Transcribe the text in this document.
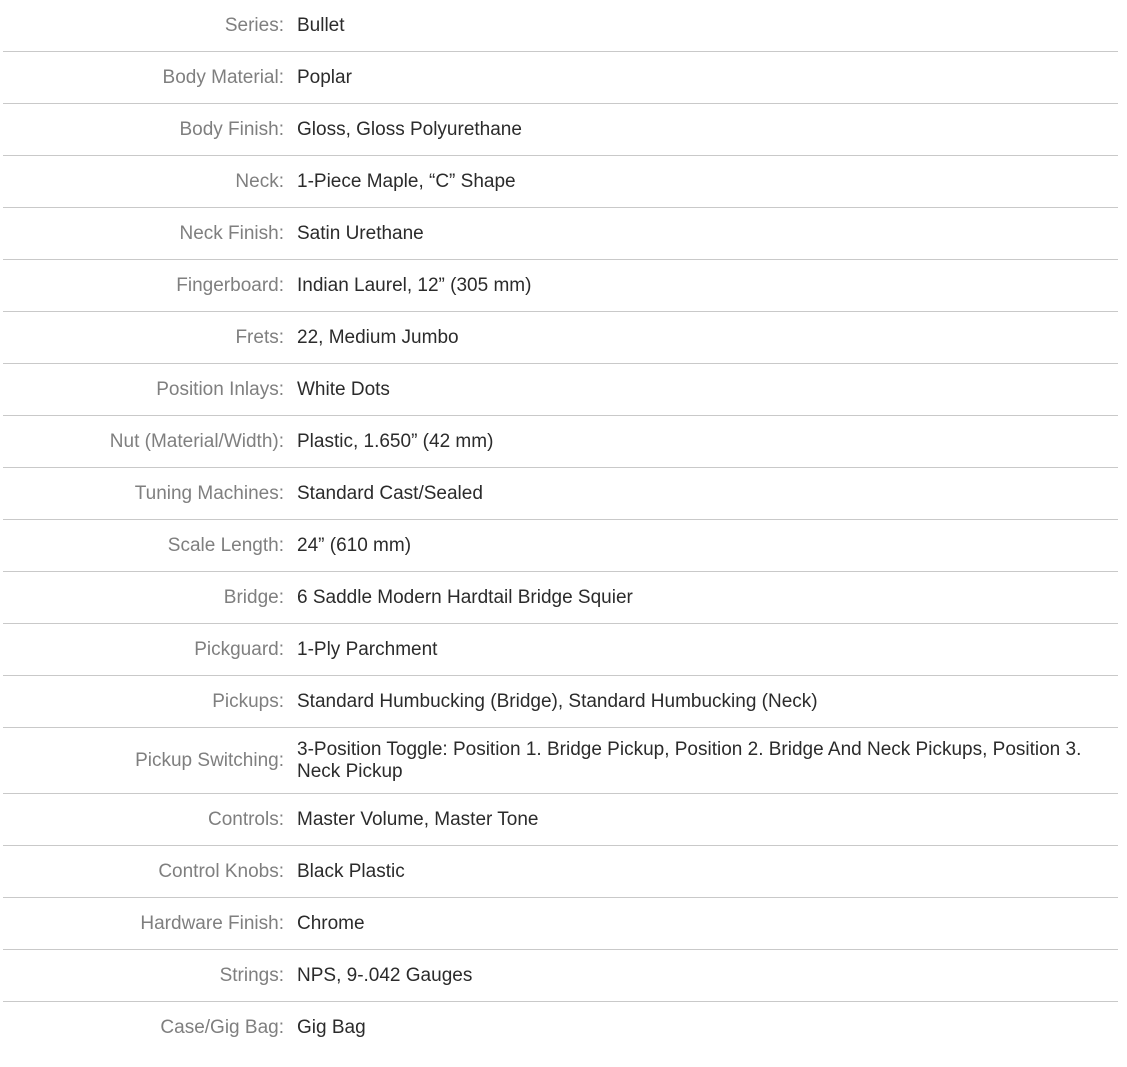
Series: Bullet
Body Material: Poplar
Body Finish: Gloss, Gloss Polyurethane
Neck: 1-Piece Maple, “C” Shape
Neck Finish: Satin Urethane
Fingerboard: Indian Laurel, 12” (305 mm)
Frets: 22, Medium Jumbo
Position Inlays: White Dots
Nut (Material/Width): Plastic, 1.650” (42 mm)
Tuning Machines: Standard Cast/Sealed
Scale Length: 24” (610 mm)
Bridge: 6 Saddle Modern Hardtail Bridge Squier
Pickguard: 1-Ply Parchment
Pickups: Standard Humbucking (Bridge), Standard Humbucking (Neck)
Pickup Switching:
3-Position Toggle: Position 1. Bridge Pickup, Position 2. Bridge And Neck Pickups, Position 3. Neck Pickup
Controls: Master Volume, Master Tone
Control Knobs: Black Plastic
Hardware Finish: Chrome
Strings: NPS, 9-.042 Gauges
Case/Gig Bag: Gig Bag
